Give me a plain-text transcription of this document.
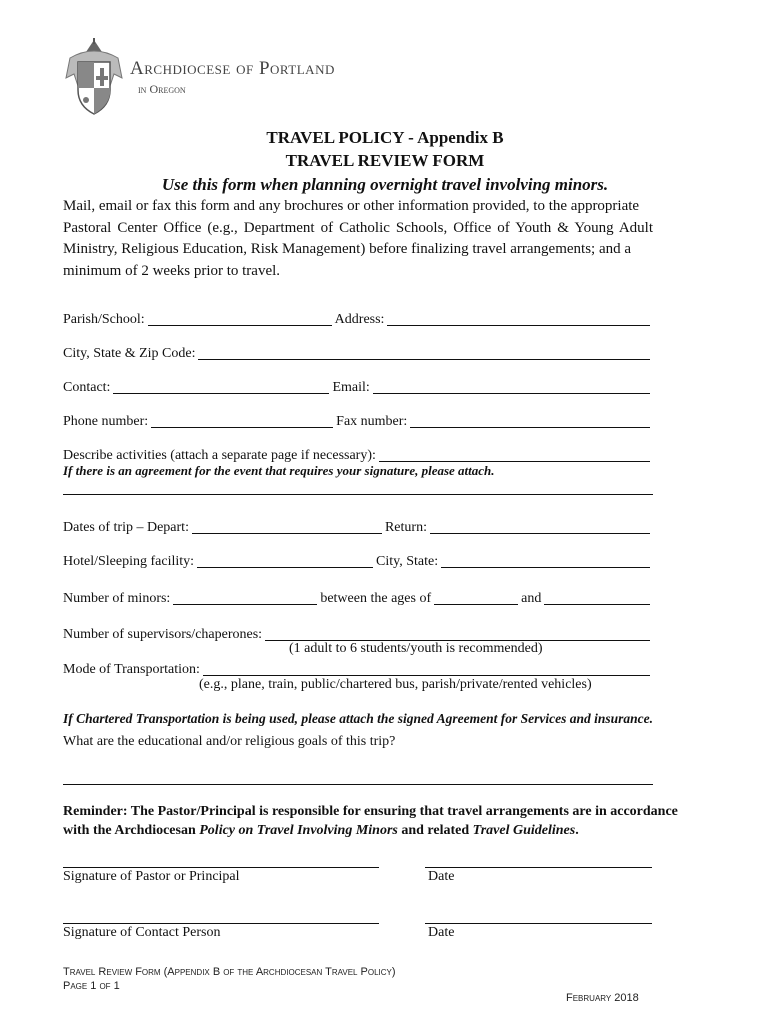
Archdiocese of Portland
in Oregon
TRAVEL POLICY - Appendix B
TRAVEL REVIEW FORM
Use this form when planning overnight travel involving minors.
Mail, email or fax this form and any brochures or other information provided, to the appropriate
Pastoral Center Office (e.g., Department of Catholic Schools, Office of Youth & Young Adult
Ministry, Religious Education, Risk Management) before finalizing travel arrangements; and a
minimum of 2 weeks prior to travel.
Parish/School:	Address:
City, State & Zip Code:
Contact:	Email:
Phone number:	Fax number:
Describe activities (attach a separate page if necessary):
If there is an agreement for the event that requires your signature, please attach.
Dates of trip – Depart:	Return:
Hotel/Sleeping facility:	City, State:
Number of minors:	between the ages of	and
Number of supervisors/chaperones:
(1 adult to 6 students/youth is recommended)
Mode of Transportation:
(e.g., plane, train, public/chartered bus, parish/private/rented vehicles)
If Chartered Transportation is being used, please attach the signed Agreement for Services and insurance.
What are the educational and/or religious goals of this trip?
Reminder: The Pastor/Principal is responsible for ensuring that travel arrangements are in accordance
with the Archdiocesan Policy on Travel Involving Minors and related Travel Guidelines.
Signature of Pastor or Principal	Date
Signature of Contact Person	Date
Travel Review Form (Appendix B of the Archdiocesan Travel Policy)
Page 1 of 1
February 2018
